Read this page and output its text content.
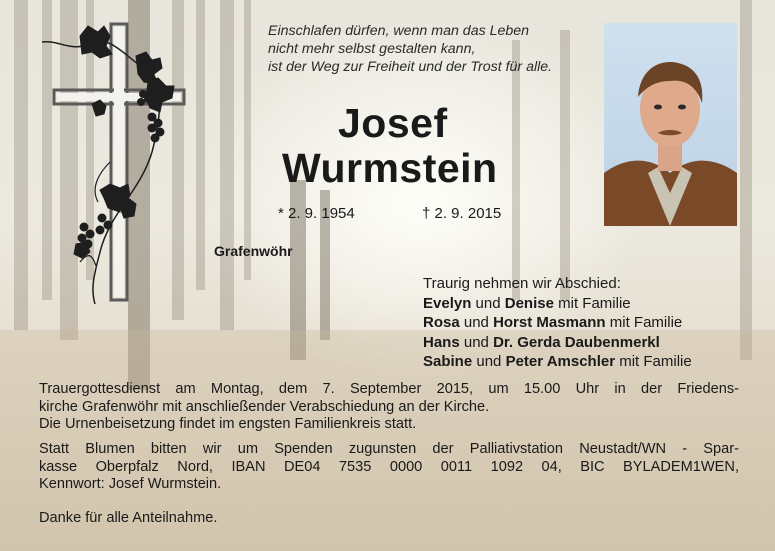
Einschlafen dürfen, wenn man das Leben
nicht mehr selbst gestalten kann,
ist der Weg zur Freiheit und der Trost für alle.
Josef
Wurmstein
* 2. 9. 1954	† 2. 9. 2015
Grafenwöhr
Traurig nehmen wir Abschied:
Evelyn und Denise mit Familie
Rosa und Horst Masmann mit Familie
Hans und Dr. Gerda Daubenmerkl
Sabine und Peter Amschler mit Familie
Trauergottesdienst am Montag, dem 7. September 2015, um 15.00 Uhr in der Friedens-
kirche Grafenwöhr mit anschließender Verabschiedung an der Kirche.
Die Urnenbeisetzung findet im engsten Familienkreis statt.
Statt Blumen bitten wir um Spenden zugunsten der Palliativstation Neustadt/WN - Spar-
kasse Oberpfalz Nord, IBAN DE04 7535 0000 0011 1092 04, BIC BYLADEM1WEN,
Kennwort: Josef Wurmstein.
Danke für alle Anteilnahme.
